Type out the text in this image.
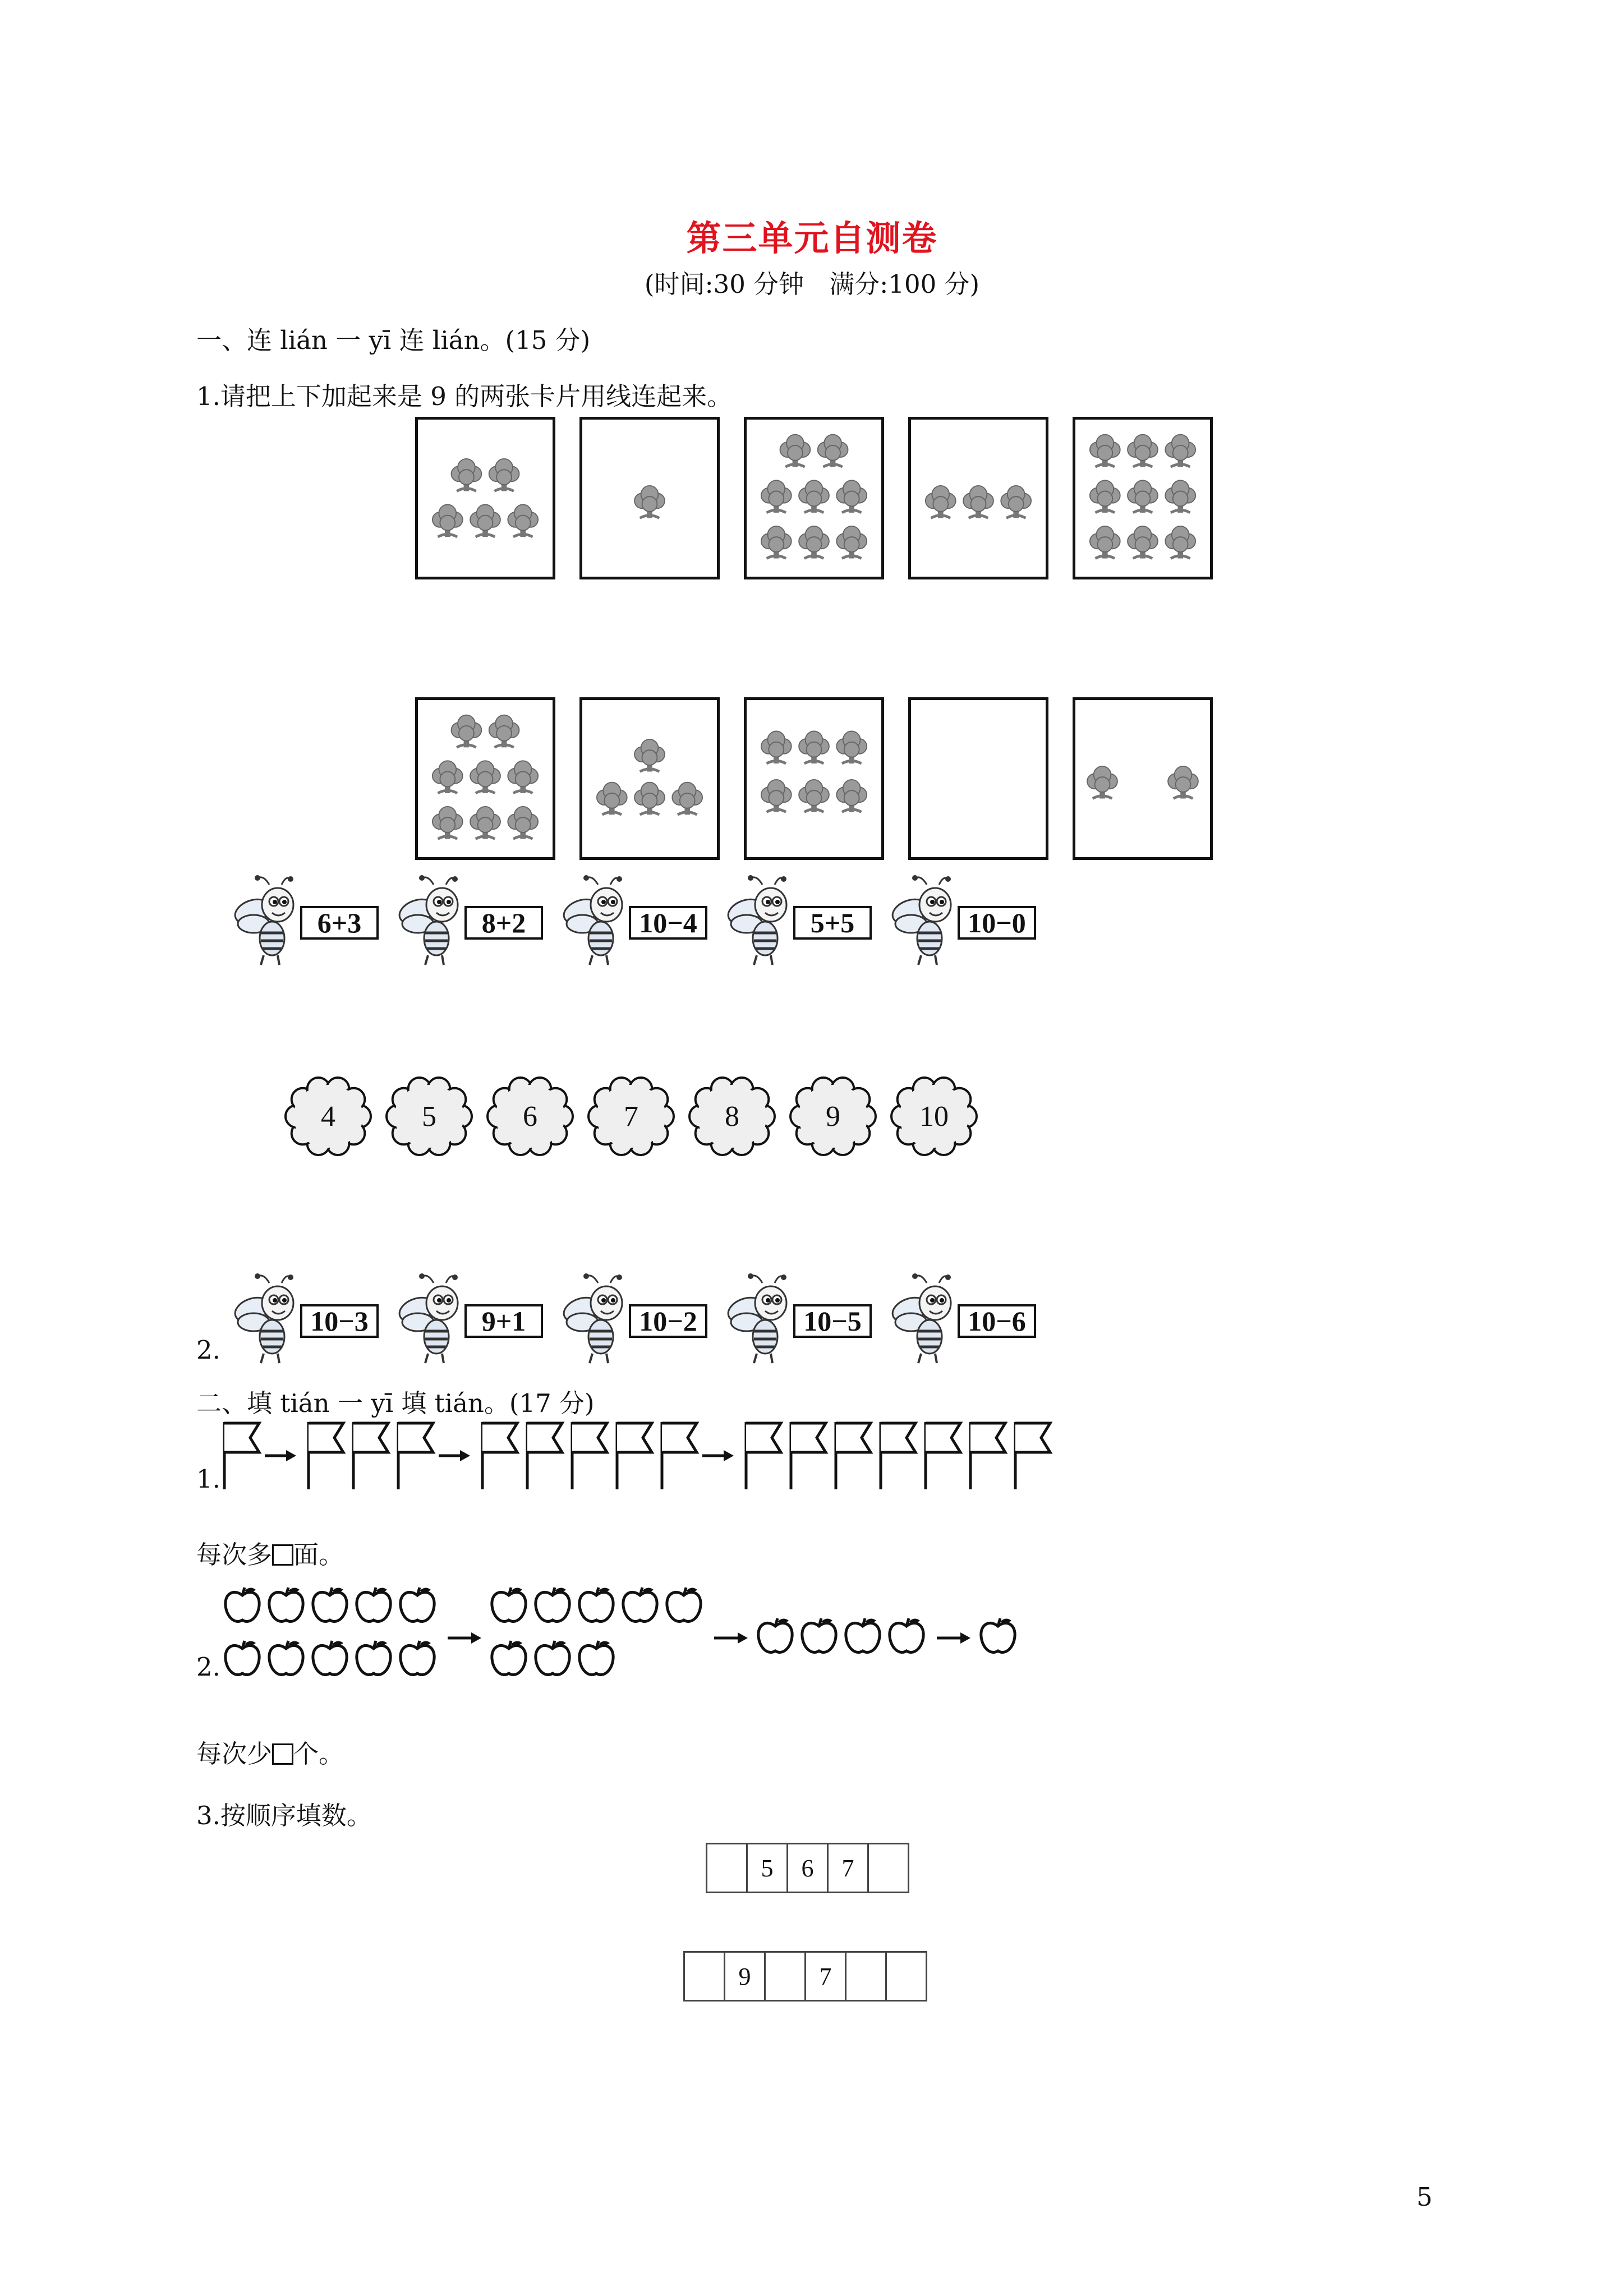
第三单元自测卷
(时间:30 分钟　满分:100 分)
一、连 lián 一 yī 连 lián。(15 分)
1.请把上下加起来是 9 的两张卡片用线连起来。
6+3	8+2	10−4	5+5	10−0
4	5	6	7	8	9	10
2.
10−3	9+1	10−2	10−5	10−6
二、填 tián 一 yī 填 tián。(17 分)
1.
每次多 面。
2.
每次少 个。
3.按顺序填数。
5	6	7
9	7
5
